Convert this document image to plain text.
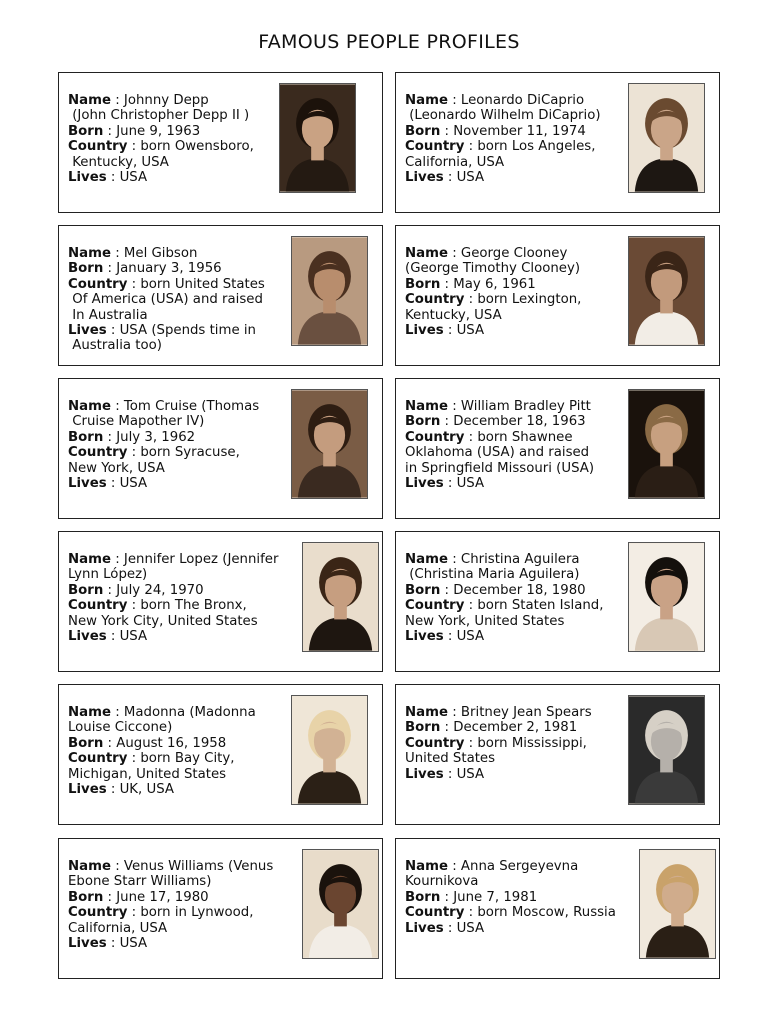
FAMOUS PEOPLE PROFILES
Name : Johnny Depp
(John Christopher Depp II )
Born : June 9, 1963
Country : born Owensboro,
Kentucky, USA
Lives : USA
Name : Leonardo DiCaprio
(Leonardo Wilhelm DiCaprio)
Born : November 11, 1974
Country : born Los Angeles,
California, USA
Lives : USA
Name : Mel Gibson
Born : January 3, 1956
Country : born United States
Of America (USA) and raised
In Australia
Lives : USA (Spends time in
Australia too)
Name : George Clooney
(George Timothy Clooney)
Born : May 6, 1961
Country : born Lexington,
Kentucky, USA
Lives : USA
Name : Tom Cruise (Thomas
Cruise Mapother IV)
Born : July 3, 1962
Country : born Syracuse,
New York, USA
Lives : USA
Name : William Bradley Pitt
Born : December 18, 1963
Country : born Shawnee
Oklahoma (USA) and raised
in Springfield Missouri (USA)
Lives : USA
Name : Jennifer Lopez (Jennifer
Lynn López)
Born : July 24, 1970
Country : born The Bronx,
New York City, United States
Lives : USA
Name : Christina Aguilera
(Christina Maria Aguilera)
Born : December 18, 1980
Country : born Staten Island,
New York, United States
Lives : USA
Name : Madonna (Madonna
Louise Ciccone)
Born : August 16, 1958
Country : born Bay City,
Michigan, United States
Lives : UK, USA
Name : Britney Jean Spears
Born : December 2, 1981
Country : born Mississippi,
United States
Lives : USA
Name : Venus Williams (Venus
Ebone Starr Williams)
Born : June 17, 1980
Country : born in Lynwood,
California, USA
Lives : USA
Name : Anna Sergeyevna
Kournikova
Born : June 7, 1981
Country : born Moscow, Russia
Lives : USA
